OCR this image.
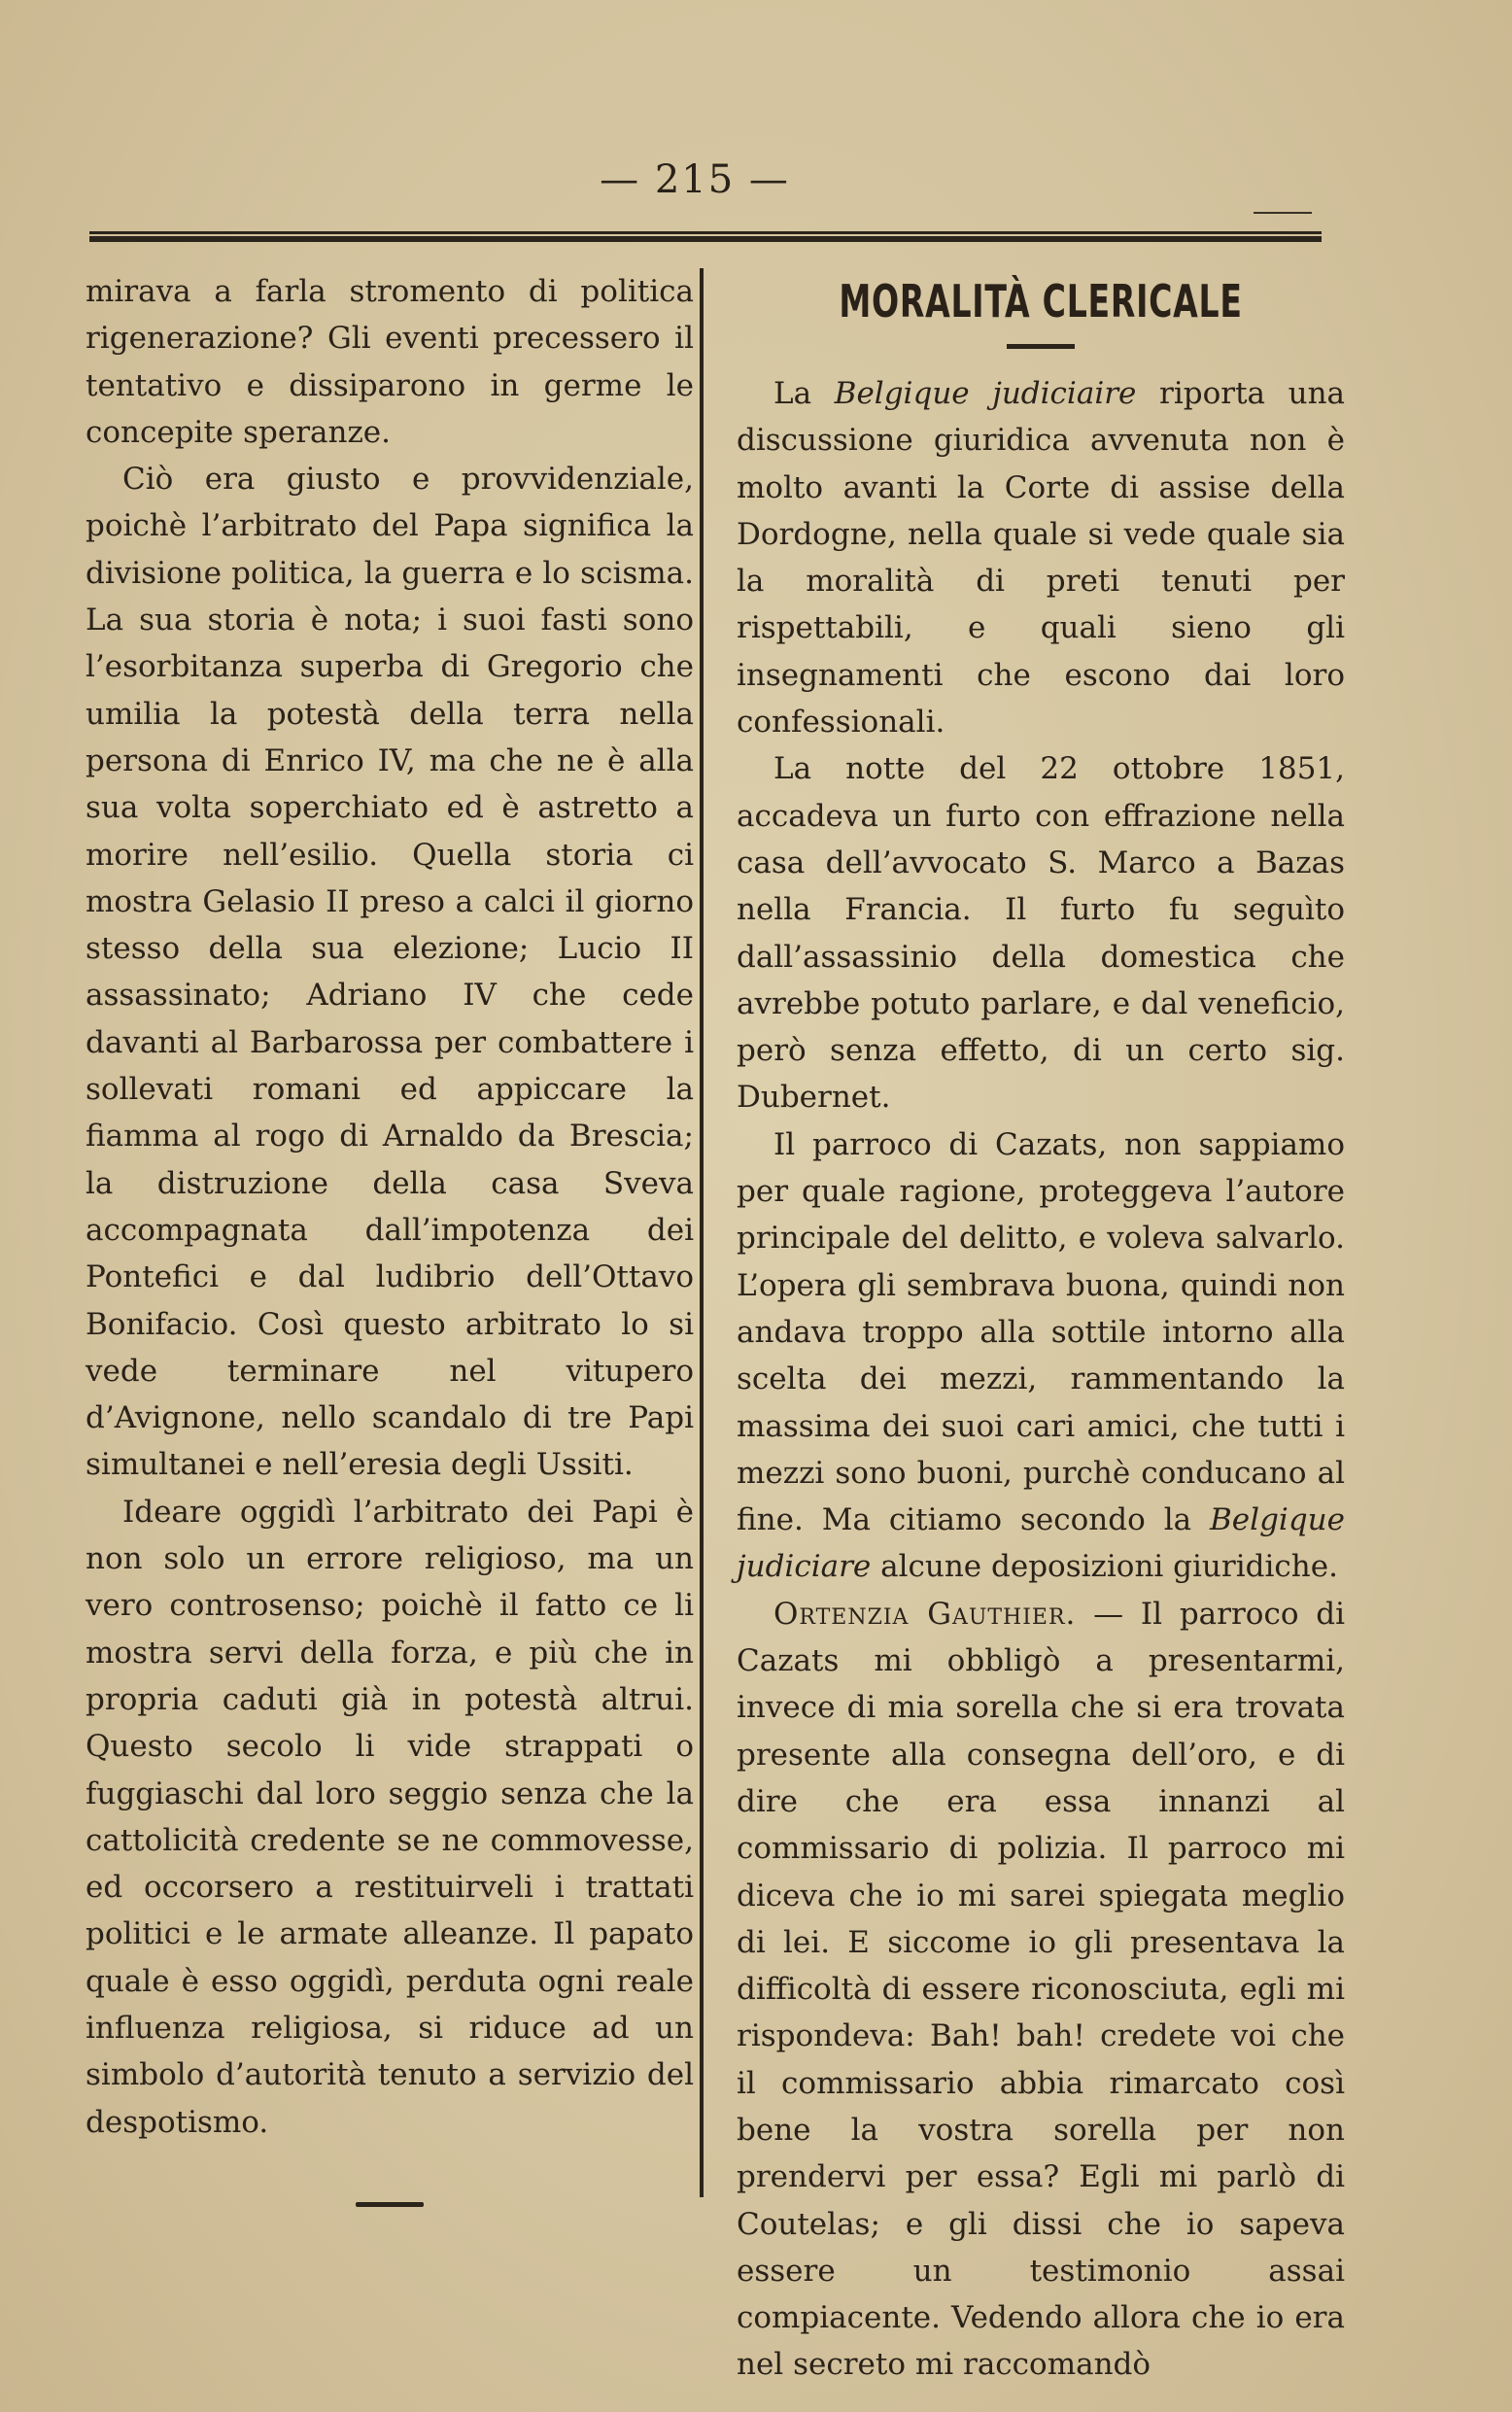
— 215 —

mirava a farla stromento di politica rigenerazione? Gli eventi precessero il tentativo e dissiparono in germe le concepite speranze.

Ciò era giusto e provvidenziale, poichè l’arbitrato del Papa significa la divisione politica, la guerra e lo scisma. La sua storia è nota; i suoi fasti sono l’esorbitanza superba di Gregorio che umilia la potestà della terra nella persona di Enrico IV, ma che ne è alla sua volta soperchiato ed è astretto a morire nell’esilio. Quella storia ci mostra Gelasio II preso a calci il giorno stesso della sua elezione; Lucio II assassinato; Adriano IV che cede davanti al Barbarossa per combattere i sollevati romani ed appiccare la fiamma al rogo di Arnaldo da Brescia; la distruzione della casa Sveva accompagnata dall’impotenza dei Pontefici e dal ludibrio dell’Ottavo Bonifacio. Così questo arbitrato lo si vede terminare nel vitupero d’Avignone, nello scandalo di tre Papi simultanei e nell’eresia degli Ussiti.

Ideare oggidì l’arbitrato dei Papi è non solo un errore religioso, ma un vero controsenso; poichè il fatto ce li mostra servi della forza, e più che in propria caduti già in potestà altrui. Questo secolo li vide strappati o fuggiaschi dal loro seggio senza che la cattolicità credente se ne commovesse, ed occorsero a restituirveli i trattati politici e le armate alleanze. Il papato quale è esso oggidì, perduta ogni reale influenza religiosa, si riduce ad un simbolo d’autorità tenuto a servizio del despotismo.

MORALITÀ CLERICALE

La Belgique judiciaire riporta una discussione giuridica avvenuta non è molto avanti la Corte di assise della Dordogne, nella quale si vede quale sia la moralità di preti tenuti per rispettabili, e quali sieno gli insegnamenti che escono dai loro confessionali.

La notte del 22 ottobre 1851, accadeva un furto con effrazione nella casa dell’avvocato S. Marco a Bazas nella Francia. Il furto fu seguìto dall’assassinio della domestica che avrebbe potuto parlare, e dal veneficio, però senza effetto, di un certo sig. Dubernet.

Il parroco di Cazats, non sappiamo per quale ragione, proteggeva l’autore principale del delitto, e voleva salvarlo. L’opera gli sembrava buona, quindi non andava troppo alla sottile intorno alla scelta dei mezzi, rammentando la massima dei suoi cari amici, che tutti i mezzi sono buoni, purchè conducano al fine. Ma citiamo secondo la Belgique judiciare alcune deposizioni giuridiche.

Ortenzia Gauthier. — Il parroco di Cazats mi obbligò a presentarmi, invece di mia sorella che si era trovata presente alla consegna dell’oro, e di dire che era essa innanzi al commissario di polizia. Il parroco mi diceva che io mi sarei spiegata meglio di lei. E siccome io gli presentava la difficoltà di essere riconosciuta, egli mi rispondeva: Bah! bah! credete voi che il commissario abbia rimarcato così bene la vostra sorella per non prendervi per essa? Egli mi parlò di Coutelas; e gli dissi che io sapeva essere un testimonio assai compiacente. Vedendo allora che io era nel secreto mi raccomandò
